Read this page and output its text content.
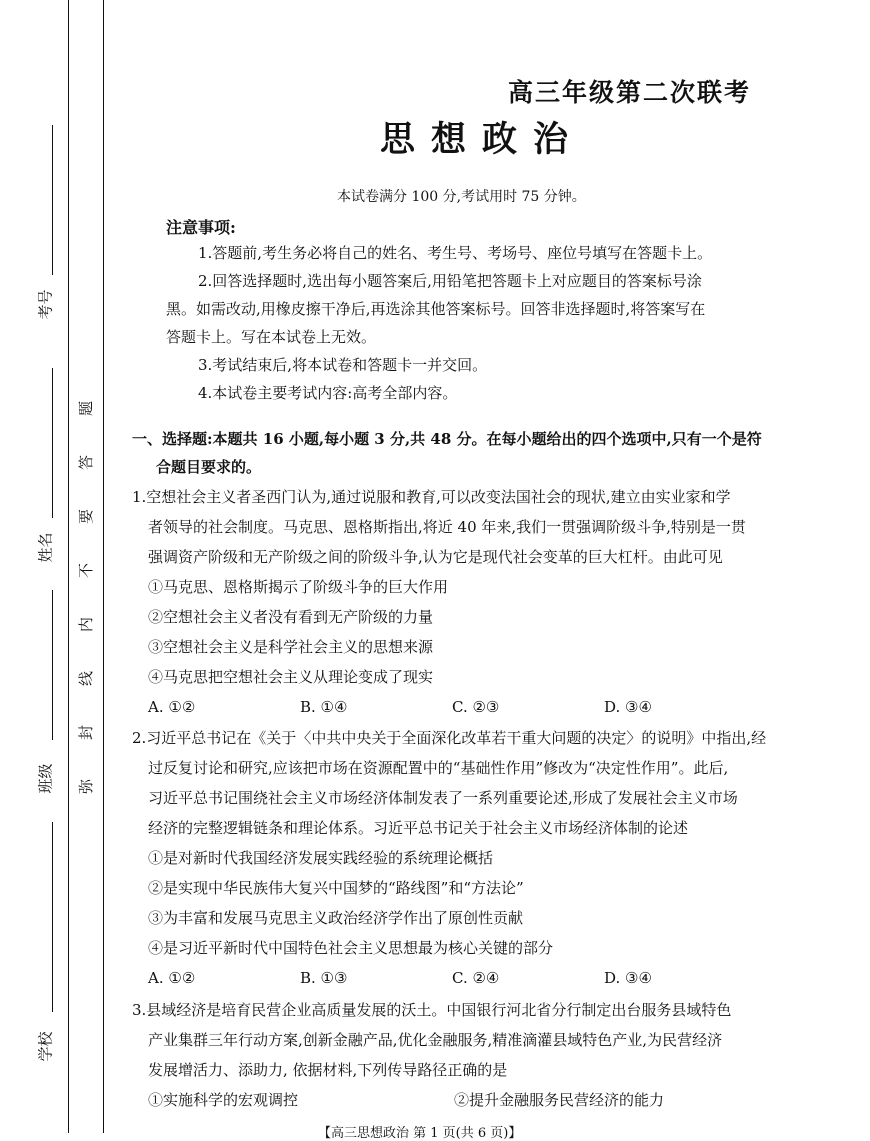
考号
姓名
班级
学校
题
答
要
不
内
线
封
弥
高三年级第二次联考
思想政治
本试卷满分 100 分,考试用时 75 分钟。
注意事项:

1.答题前,考生务必将自己的姓名、考生号、考场号、座位号填写在答题卡上。

2.回答选择题时,选出每小题答案后,用铅笔把答题卡上对应题目的答案标号涂

黑。如需改动,用橡皮擦干净后,再选涂其他答案标号。回答非选择题时,将答案写在

答题卡上。写在本试卷上无效。

3.考试结束后,将本试卷和答题卡一并交回。

4.本试卷主要考试内容:高考全部内容。

一、选择题:本题共 16 小题,每小题 3 分,共 48 分。在每小题给出的四个选项中,只有一个是符

合题目要求的。

1.空想社会主义者圣西门认为,通过说服和教育,可以改变法国社会的现状,建立由实业家和学

者领导的社会制度。马克思、恩格斯指出,将近 40 年来,我们一贯强调阶级斗争,特别是一贯

强调资产阶级和无产阶级之间的阶级斗争,认为它是现代社会变革的巨大杠杆。由此可见

①马克思、恩格斯揭示了阶级斗争的巨大作用

②空想社会主义者没有看到无产阶级的力量

③空想社会主义是科学社会主义的思想来源

④马克思把空想社会主义从理论变成了现实

A. ①②	B. ①④	C. ②③	D. ③④

2.习近平总书记在《关于〈中共中央关于全面深化改革若干重大问题的决定〉的说明》中指出,经

过反复讨论和研究,应该把市场在资源配置中的“基础性作用”修改为“决定性作用”。此后,

习近平总书记围绕社会主义市场经济体制发表了一系列重要论述,形成了发展社会主义市场

经济的完整逻辑链条和理论体系。习近平总书记关于社会主义市场经济体制的论述

①是对新时代我国经济发展实践经验的系统理论概括

②是实现中华民族伟大复兴中国梦的“路线图”和“方法论”

③为丰富和发展马克思主义政治经济学作出了原创性贡献

④是习近平新时代中国特色社会主义思想最为核心关键的部分

A. ①②	B. ①③	C. ②④	D. ③④

3.县域经济是培育民营企业高质量发展的沃土。中国银行河北省分行制定出台服务县域特色

产业集群三年行动方案,创新金融产品,优化金融服务,精准滴灌县域特色产业,为民营经济

发展增活力、添助力, 依据材料,下列传导路径正确的是

①实施科学的宏观调控	②提升金融服务民营经济的能力
【高三思想政治 第 1 页(共 6 页)】
